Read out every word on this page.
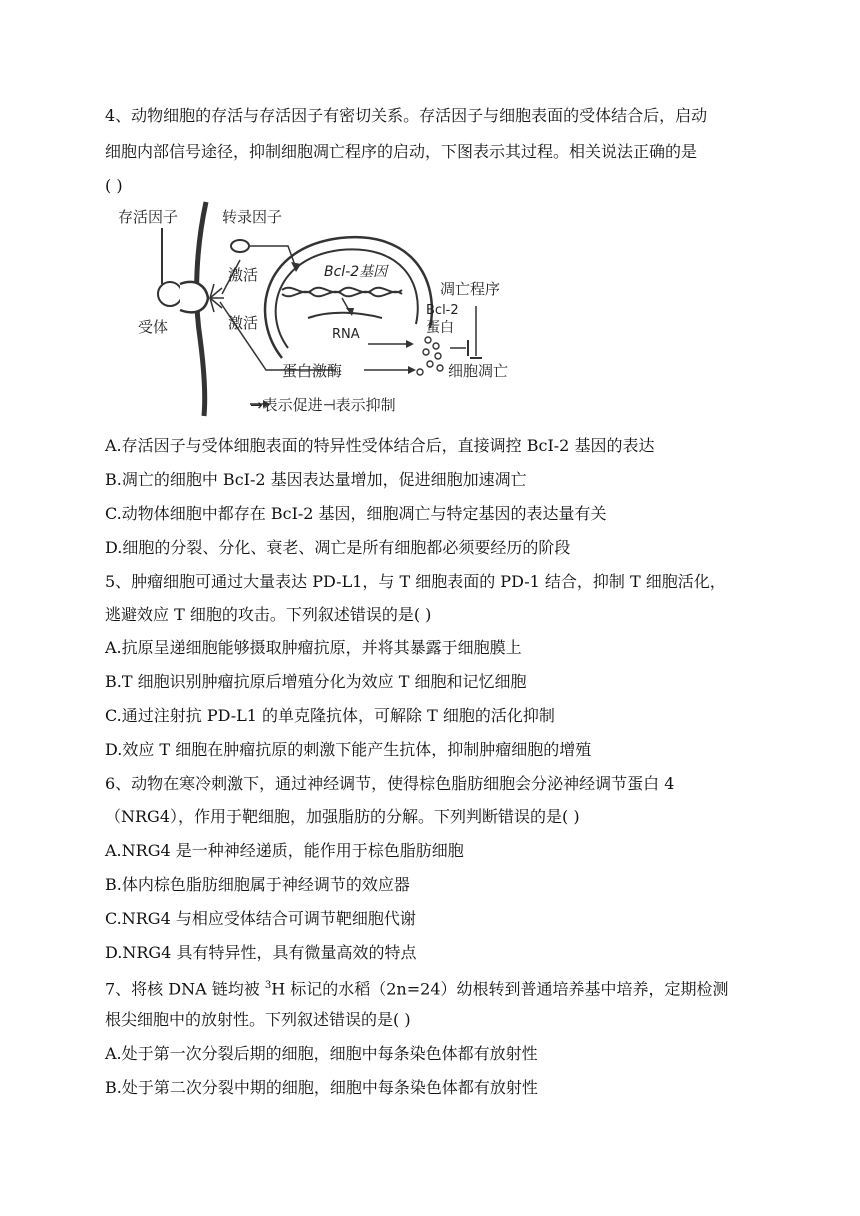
4、动物细胞的存活与存活因子有密切关系。存活因子与细胞表面的受体结合后，启动
细胞内部信号途径，抑制细胞凋亡程序的启动，下图表示其过程。相关说法正确的是
( )
存活因子	转录因子
激活
激活
受体
Bcl-2基因
RNA
Bcl-2
蛋白
凋亡程序
细胞凋亡
蛋白激酶
→表示促进⊣表示抑制
A.存活因子与受体细胞表面的特异性受体结合后，直接调控 BcI-2 基因的表达
B.凋亡的细胞中 BcI-2 基因表达量增加，促进细胞加速凋亡
C.动物体细胞中都存在 BcI-2 基因，细胞凋亡与特定基因的表达量有关
D.细胞的分裂、分化、衰老、凋亡是所有细胞都必须要经历的阶段
5、肿瘤细胞可通过大量表达 PD-L1，与 T 细胞表面的 PD-1 结合，抑制 T 细胞活化，
逃避效应 T 细胞的攻击。下列叙述错误的是( )
A.抗原呈递细胞能够摄取肿瘤抗原，并将其暴露于细胞膜上
B.T 细胞识别肿瘤抗原后增殖分化为效应 T 细胞和记忆细胞
C.通过注射抗 PD-L1 的单克隆抗体，可解除 T 细胞的活化抑制
D.效应 T 细胞在肿瘤抗原的刺激下能产生抗体，抑制肿瘤细胞的增殖
6、动物在寒冷刺激下，通过神经调节，使得棕色脂肪细胞会分泌神经调节蛋白 4
（NRG4），作用于靶细胞，加强脂肪的分解。下列判断错误的是( )
A.NRG4 是一种神经递质，能作用于棕色脂肪细胞
B.体内棕色脂肪细胞属于神经调节的效应器
C.NRG4 与相应受体结合可调节靶细胞代谢
D.NRG4 具有特异性，具有微量高效的特点
7、将核 DNA 链均被 $^3$H 标记的水稻（2n=24）幼根转到普通培养基中培养，定期检测
根尖细胞中的放射性。下列叙述错误的是( )
A.处于第一次分裂后期的细胞，细胞中每条染色体都有放射性
B.处于第二次分裂中期的细胞，细胞中每条染色体都有放射性
